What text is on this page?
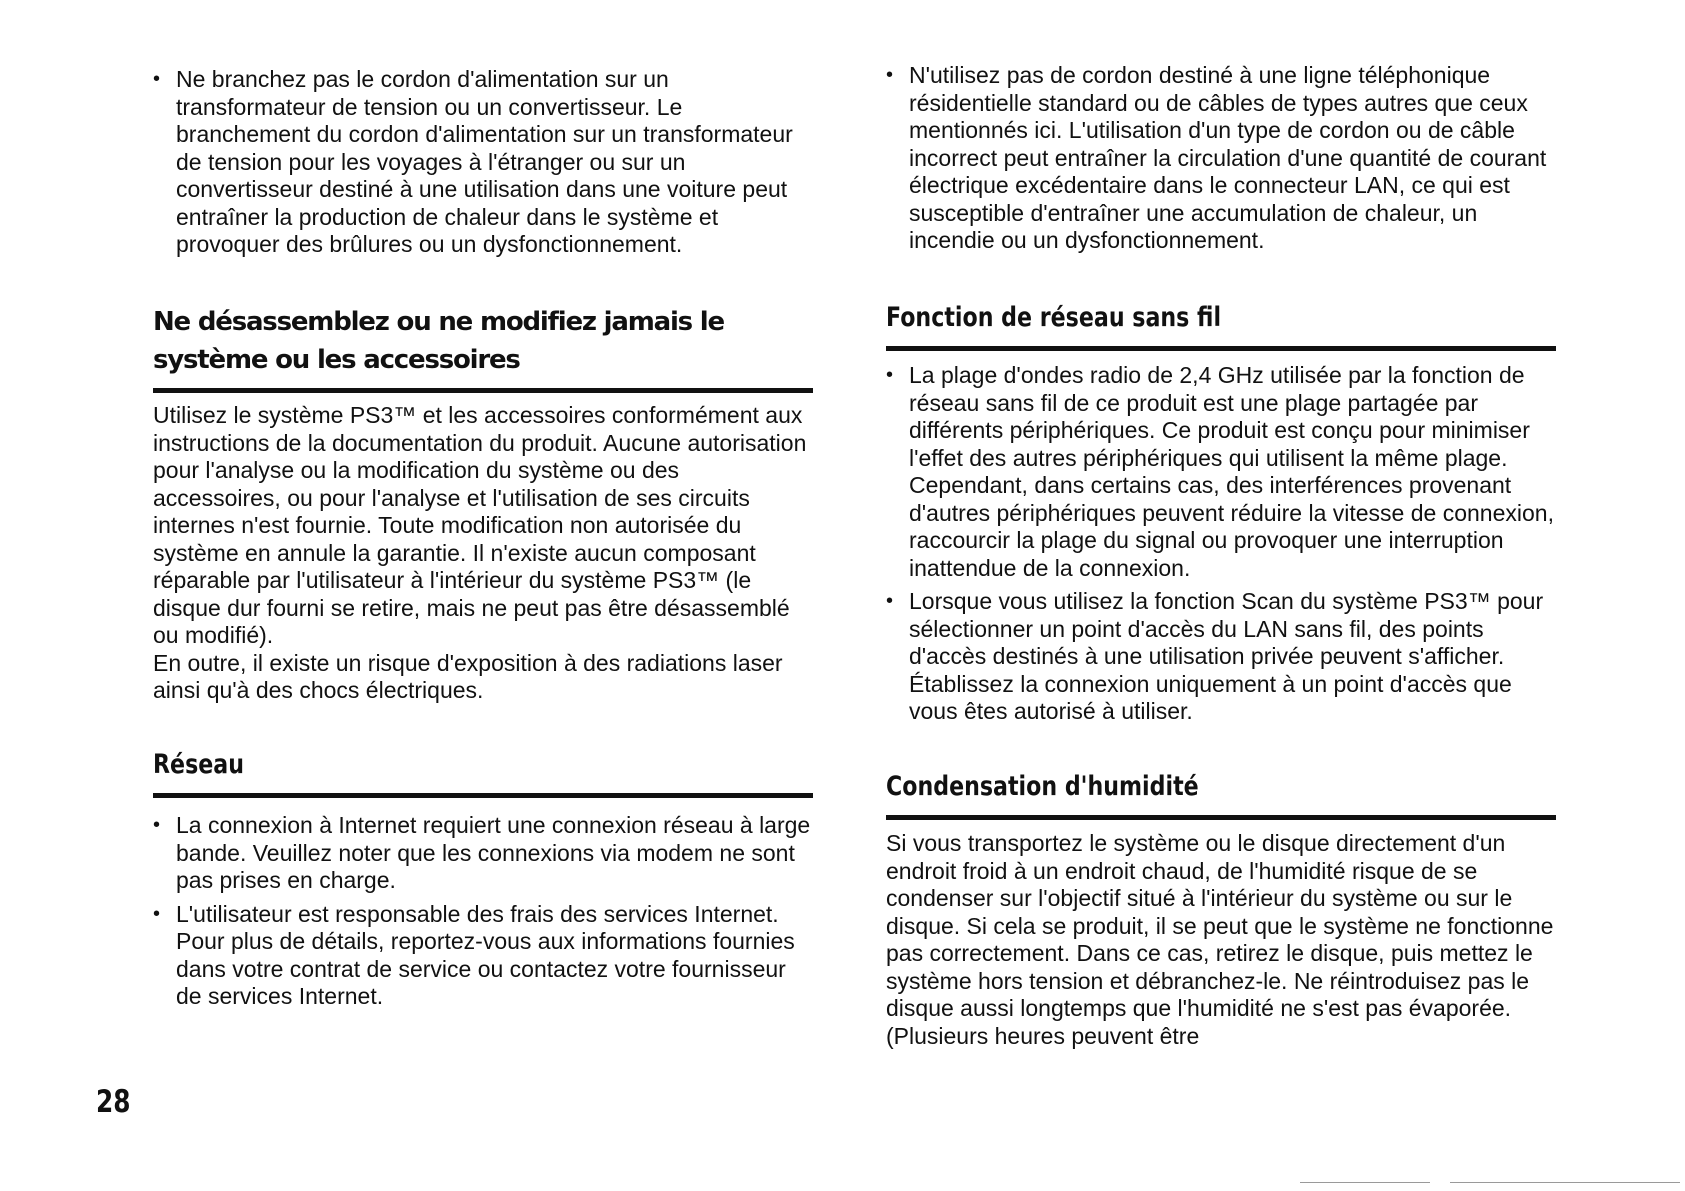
• Ne branchez pas le cordon d'alimentation sur un transformateur de tension ou un convertisseur. Le branchement du cordon d'alimentation sur un transformateur de tension pour les voyages à l'étranger ou sur un convertisseur destiné à une utilisation dans une voiture peut entraîner la production de chaleur dans le système et provoquer des brûlures ou un dysfonctionnement.
Ne désassemblez ou ne modifiez jamais le système ou les accessoires

Utilisez le système PS3™ et les accessoires conformément aux instructions de la documentation du produit. Aucune autorisation pour l'analyse ou la modification du système ou des accessoires, ou pour l'analyse et l'utilisation de ses circuits internes n'est fournie. Toute modification non autorisée du système en annule la garantie. Il n'existe aucun composant réparable par l'utilisateur à l'intérieur du système PS3™ (le disque dur fourni se retire, mais ne peut pas être désassemblé ou modifié).

En outre, il existe un risque d'exposition à des radiations laser ainsi qu'à des chocs électriques.

Réseau
• La connexion à Internet requiert une connexion réseau à large bande. Veuillez noter que les connexions via modem ne sont pas prises en charge.
• L'utilisateur est responsable des frais des services Internet. Pour plus de détails, reportez-vous aux informations fournies dans votre contrat de service ou contactez votre fournisseur de services Internet.
• N'utilisez pas de cordon destiné à une ligne téléphonique résidentielle standard ou de câbles de types autres que ceux mentionnés ici. L'utilisation d'un type de cordon ou de câble incorrect peut entraîner la circulation d'une quantité de courant électrique excédentaire dans le connecteur LAN, ce qui est susceptible d'entraîner une accumulation de chaleur, un incendie ou un dysfonctionnement.
Fonction de réseau sans fil
• La plage d'ondes radio de 2,4 GHz utilisée par la fonction de réseau sans fil de ce produit est une plage partagée par différents périphériques. Ce produit est conçu pour minimiser l'effet des autres périphériques qui utilisent la même plage. Cependant, dans certains cas, des interférences provenant d'autres périphériques peuvent réduire la vitesse de connexion, raccourcir la plage du signal ou provoquer une interruption inattendue de la connexion.
• Lorsque vous utilisez la fonction Scan du système PS3™ pour sélectionner un point d'accès du LAN sans fil, des points d'accès destinés à une utilisation privée peuvent s'afficher. Établissez la connexion uniquement à un point d'accès que vous êtes autorisé à utiliser.
Condensation d'humidité

Si vous transportez le système ou le disque directement d'un endroit froid à un endroit chaud, de l'humidité risque de se condenser sur l'objectif situé à l'intérieur du système ou sur le disque. Si cela se produit, il se peut que le système ne fonctionne pas correctement. Dans ce cas, retirez le disque, puis mettez le système hors tension et débranchez-le. Ne réintroduisez pas le disque aussi longtemps que l'humidité ne s'est pas évaporée. (Plusieurs heures peuvent être

28
